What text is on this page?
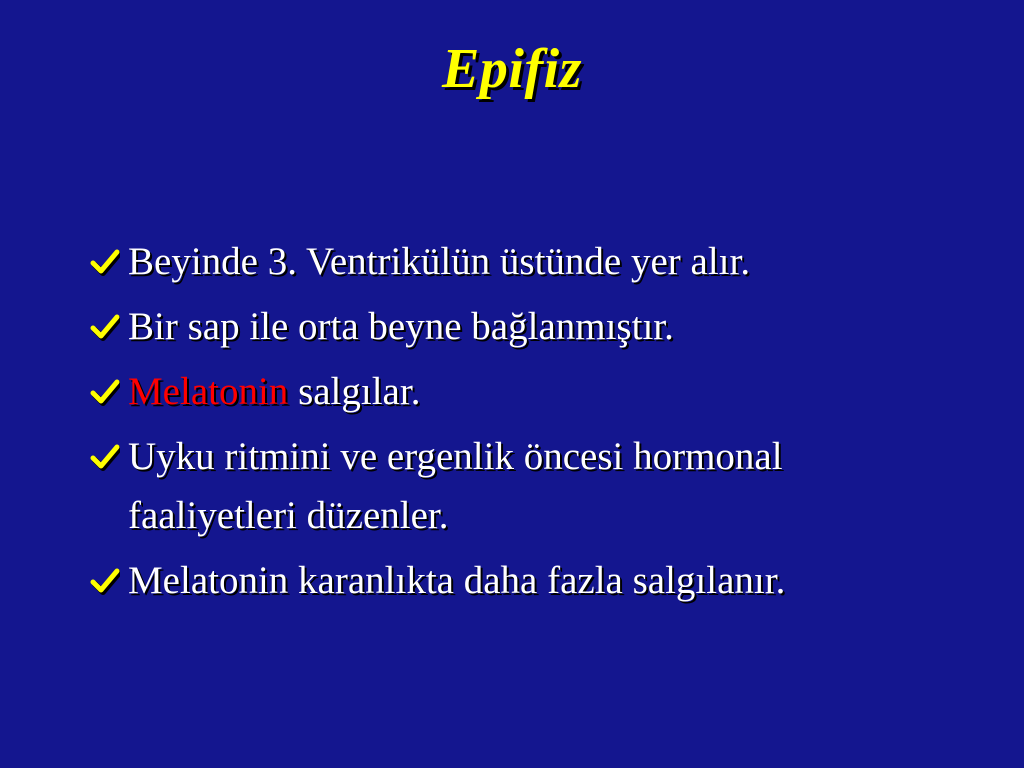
Epifiz
Beyinde 3. Ventrikülün üstünde yer alır.
Bir sap ile orta beyne bağlanmıştır.
Melatonin salgılar.
Uyku ritmini ve ergenlik öncesi hormonal
faaliyetleri düzenler.
Melatonin karanlıkta daha fazla salgılanır.
